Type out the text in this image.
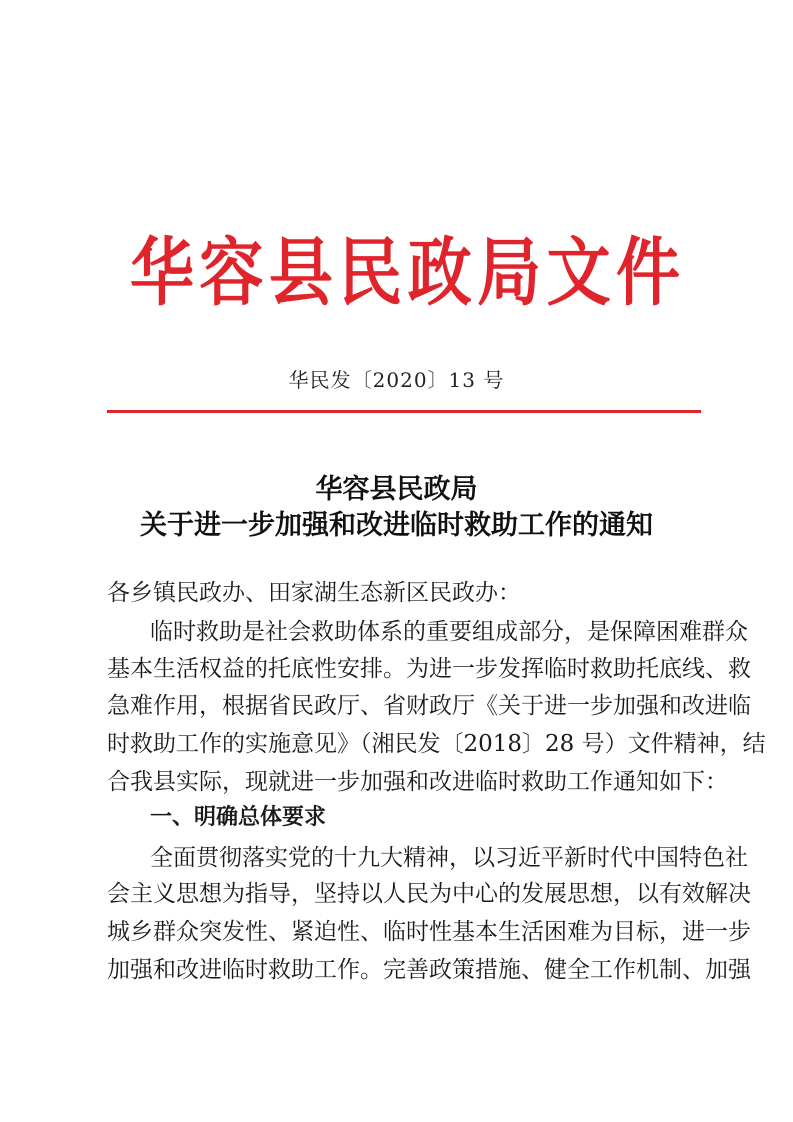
华容县民政局文件
华民发〔2020〕13 号
华容县民政局
关于进一步加强和改进临时救助工作的通知
各乡镇民政办、田家湖生态新区民政办：
临时救助是社会救助体系的重要组成部分，是保障困难群众
基本生活权益的托底性安排。为进一步发挥临时救助托底线、救
急难作用，根据省民政厅、省财政厅《关于进一步加强和改进临
时救助工作的实施意见》（湘民发〔2018〕28 号）文件精神，结
合我县实际，现就进一步加强和改进临时救助工作通知如下：
一、明确总体要求
全面贯彻落实党的十九大精神，以习近平新时代中国特色社
会主义思想为指导，坚持以人民为中心的发展思想，以有效解决
城乡群众突发性、紧迫性、临时性基本生活困难为目标，进一步
加强和改进临时救助工作。完善政策措施、健全工作机制、加强
